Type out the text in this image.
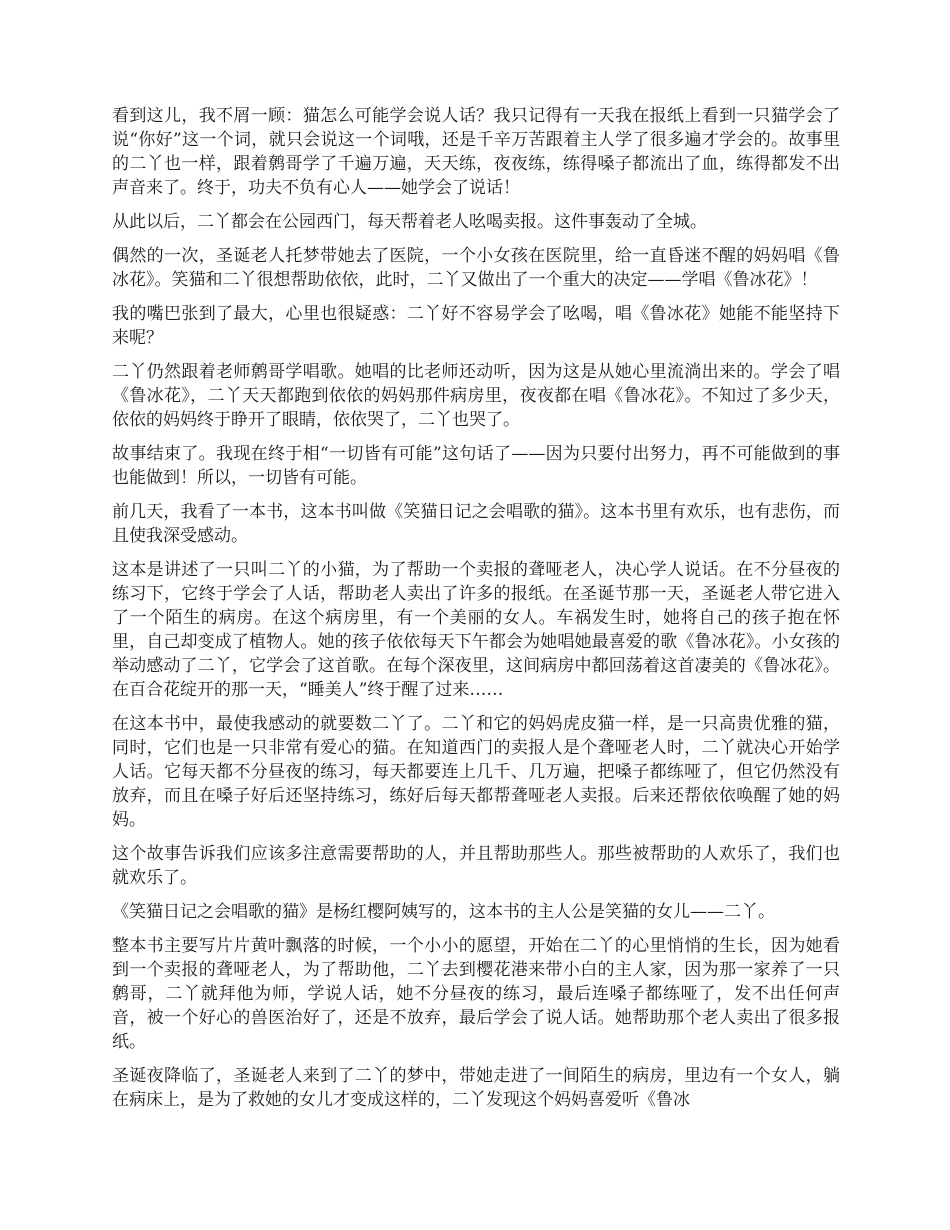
看到这儿，我不屑一顾：猫怎么可能学会说人话？我只记得有一天我在报纸上看到一只猫学会了说“你好”这一个词，就只会说这一个词哦，还是千辛万苦跟着主人学了很多遍才学会的。故事里的二丫也一样，跟着鹩哥学了千遍万遍，天天练，夜夜练，练得嗓子都流出了血，练得都发不出声音来了。终于，功夫不负有心人——她学会了说话！

从此以后，二丫都会在公园西门，每天帮着老人吆喝卖报。这件事轰动了全城。

偶然的一次，圣诞老人托梦带她去了医院，一个小女孩在医院里，给一直昏迷不醒的妈妈唱《鲁冰花》。笑猫和二丫很想帮助依依，此时，二丫又做出了一个重大的决定——学唱《鲁冰花》！

我的嘴巴张到了最大，心里也很疑惑：二丫好不容易学会了吆喝，唱《鲁冰花》她能不能坚持下来呢？

二丫仍然跟着老师鹩哥学唱歌。她唱的比老师还动听，因为这是从她心里流淌出来的。学会了唱《鲁冰花》，二丫天天都跑到依依的妈妈那件病房里，夜夜都在唱《鲁冰花》。不知过了多少天，依依的妈妈终于睁开了眼睛，依依哭了，二丫也哭了。

故事结束了。我现在终于相“一切皆有可能”这句话了——因为只要付出努力，再不可能做到的事也能做到！所以，一切皆有可能。

前几天，我看了一本书，这本书叫做《笑猫日记之会唱歌的猫》。这本书里有欢乐，也有悲伤，而且使我深受感动。

这本是讲述了一只叫二丫的小猫，为了帮助一个卖报的聋哑老人，决心学人说话。在不分昼夜的练习下，它终于学会了人话，帮助老人卖出了许多的报纸。在圣诞节那一天，圣诞老人带它进入了一个陌生的病房。在这个病房里，有一个美丽的女人。车祸发生时，她将自己的孩子抱在怀里，自己却变成了植物人。她的孩子依依每天下午都会为她唱她最喜爱的歌《鲁冰花》。小女孩的举动感动了二丫，它学会了这首歌。在每个深夜里，这间病房中都回荡着这首凄美的《鲁冰花》。在百合花绽开的那一天，“睡美人”终于醒了过来……

在这本书中，最使我感动的就要数二丫了。二丫和它的妈妈虎皮猫一样，是一只高贵优雅的猫，同时，它们也是一只非常有爱心的猫。在知道西门的卖报人是个聋哑老人时，二丫就决心开始学人话。它每天都不分昼夜的练习，每天都要连上几千、几万遍，把嗓子都练哑了，但它仍然没有放弃，而且在嗓子好后还坚持练习，练好后每天都帮聋哑老人卖报。后来还帮依依唤醒了她的妈妈。

这个故事告诉我们应该多注意需要帮助的人，并且帮助那些人。那些被帮助的人欢乐了，我们也就欢乐了。

《笑猫日记之会唱歌的猫》是杨红樱阿姨写的，这本书的主人公是笑猫的女儿——二丫。

整本书主要写片片黄叶飘落的时候，一个小小的愿望，开始在二丫的心里悄悄的生长，因为她看到一个卖报的聋哑老人，为了帮助他，二丫去到樱花港来带小白的主人家，因为那一家养了一只鹩哥，二丫就拜他为师，学说人话，她不分昼夜的练习，最后连嗓子都练哑了，发不出任何声音，被一个好心的兽医治好了，还是不放弃，最后学会了说人话。她帮助那个老人卖出了很多报纸。

圣诞夜降临了，圣诞老人来到了二丫的梦中，带她走进了一间陌生的病房，里边有一个女人，躺在病床上，是为了救她的女儿才变成这样的，二丫发现这个妈妈喜爱听《鲁冰
